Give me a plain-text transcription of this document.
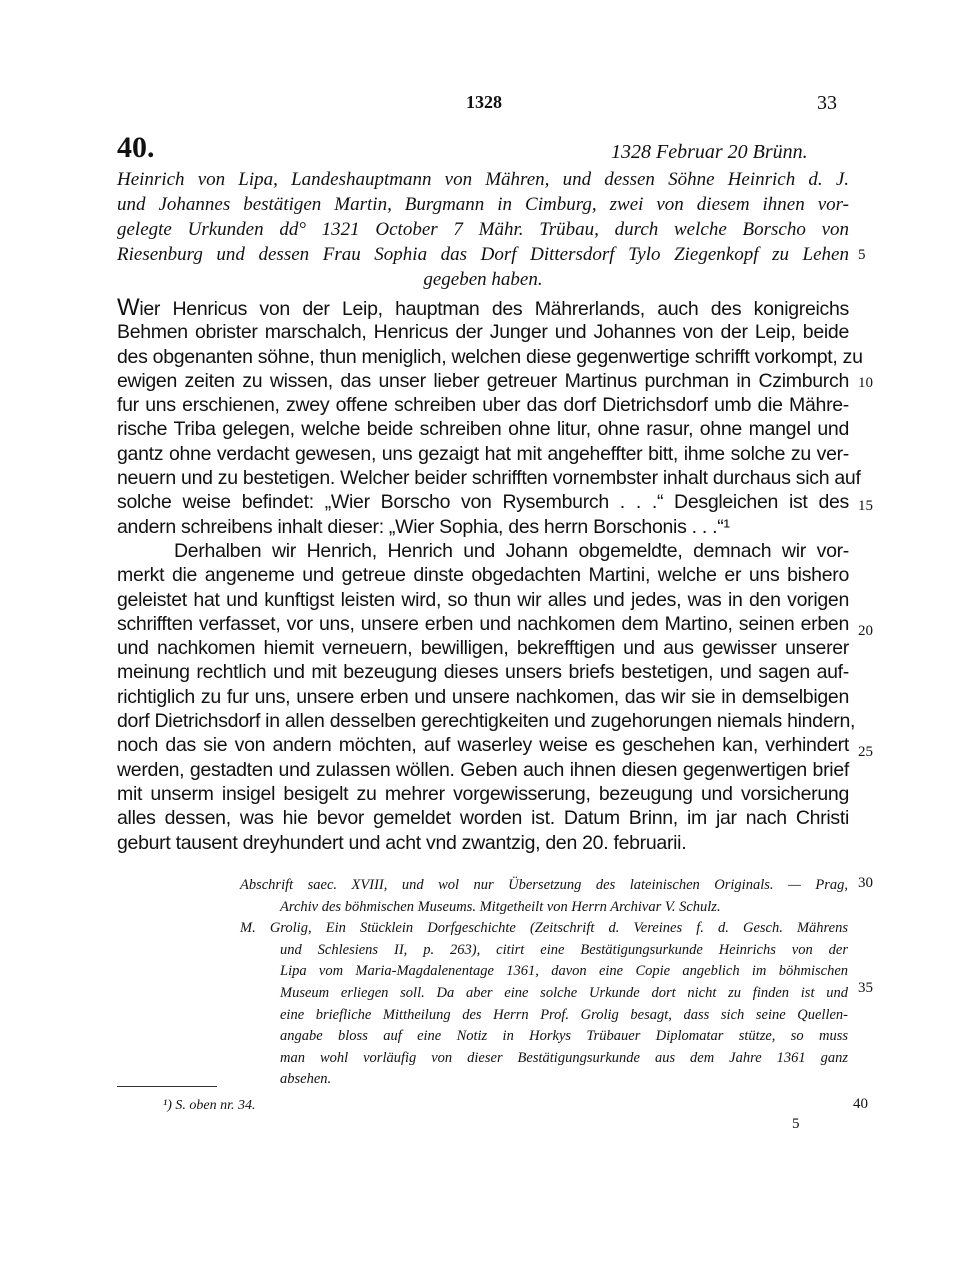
1328	33
40.	1328 Februar 20 Brünn.
Heinrich von Lipa, Landeshauptmann von Mähren, und dessen Söhne Heinrich d. J.
und Johannes bestätigen Martin, Burgmann in Cimburg, zwei von diesem ihnen vor-
gelegte Urkunden dd° 1321 October 7 Mähr. Trübau, durch welche Borscho von
Riesenburg und dessen Frau Sophia das Dorf Dittersdorf Tylo Ziegenkopf zu Lehen
gegeben haben.
Wier Henricus von der Leip, hauptman des Mährerlands, auch des konigreichs
Behmen obrister marschalch, Henricus der Junger und Johannes von der Leip, beide
des obgenanten söhne, thun meniglich, welchen diese gegenwertige schrifft vorkompt, zu
ewigen zeiten zu wissen, das unser lieber getreuer Martinus purchman in Czimburch
fur uns erschienen, zwey offene schreiben uber das dorf Dietrichsdorf umb die Mähre-
rische Triba gelegen, welche beide schreiben ohne litur, ohne rasur, ohne mangel und
gantz ohne verdacht gewesen, uns gezaigt hat mit angeheffter bitt, ihme solche zu ver-
neuern und zu bestetigen. Welcher beider schrifften vornembster inhalt durchaus sich auf
solche weise befindet: „Wier Borscho von Rysemburch . . .“ Desgleichen ist des
andern schreibens inhalt dieser: „Wier Sophia, des herrn Borschonis . . .“¹
Derhalben wir Henrich, Henrich und Johann obgemeldte, demnach wir vor-
merkt die angeneme und getreue dinste obgedachten Martini, welche er uns bishero
geleistet hat und kunftigst leisten wird, so thun wir alles und jedes, was in den vorigen
schrifften verfasset, vor uns, unsere erben und nachkomen dem Martino, seinen erben
und nachkomen hiemit verneuern, bewilligen, bekrefftigen und aus gewisser unserer
meinung rechtlich und mit bezeugung dieses unsers briefs bestetigen, und sagen auf-
richtiglich zu fur uns, unsere erben und unsere nachkomen, das wir sie in demselbigen
dorf Dietrichsdorf in allen desselben gerechtigkeiten und zugehorungen niemals hindern,
noch das sie von andern möchten, auf waserley weise es geschehen kan, verhindert
werden, gestadten und zulassen wöllen. Geben auch ihnen diesen gegenwertigen brief
mit unserm insigel besigelt zu mehrer vorgewisserung, bezeugung und vorsicherung
alles dessen, was hie bevor gemeldet worden ist. Datum Brinn, im jar nach Christi
geburt tausent dreyhundert und acht vnd zwantzig, den 20. februarii.
Abschrift saec. XVIII, und wol nur Übersetzung des lateinischen Originals. — Prag,
Archiv des böhmischen Museums. Mitgetheilt von Herrn Archivar V. Schulz.
M. Grolig, Ein Stücklein Dorfgeschichte (Zeitschrift d. Vereines f. d. Gesch. Mährens
und Schlesiens II, p. 263), citirt eine Bestätigungsurkunde Heinrichs von der
Lipa vom Maria-Magdalenentage 1361, davon eine Copie angeblich im böhmischen
Museum erliegen soll. Da aber eine solche Urkunde dort nicht zu finden ist und
eine briefliche Mittheilung des Herrn Prof. Grolig besagt, dass sich seine Quellen-
angabe bloss auf eine Notiz in Horkys Trübauer Diplomatar stütze, so muss
man wohl vorläufig von dieser Bestätigungsurkunde aus dem Jahre 1361 ganz
absehen.
5
10
15
20
25
30
35
40
¹) S. oben nr. 34.
5
